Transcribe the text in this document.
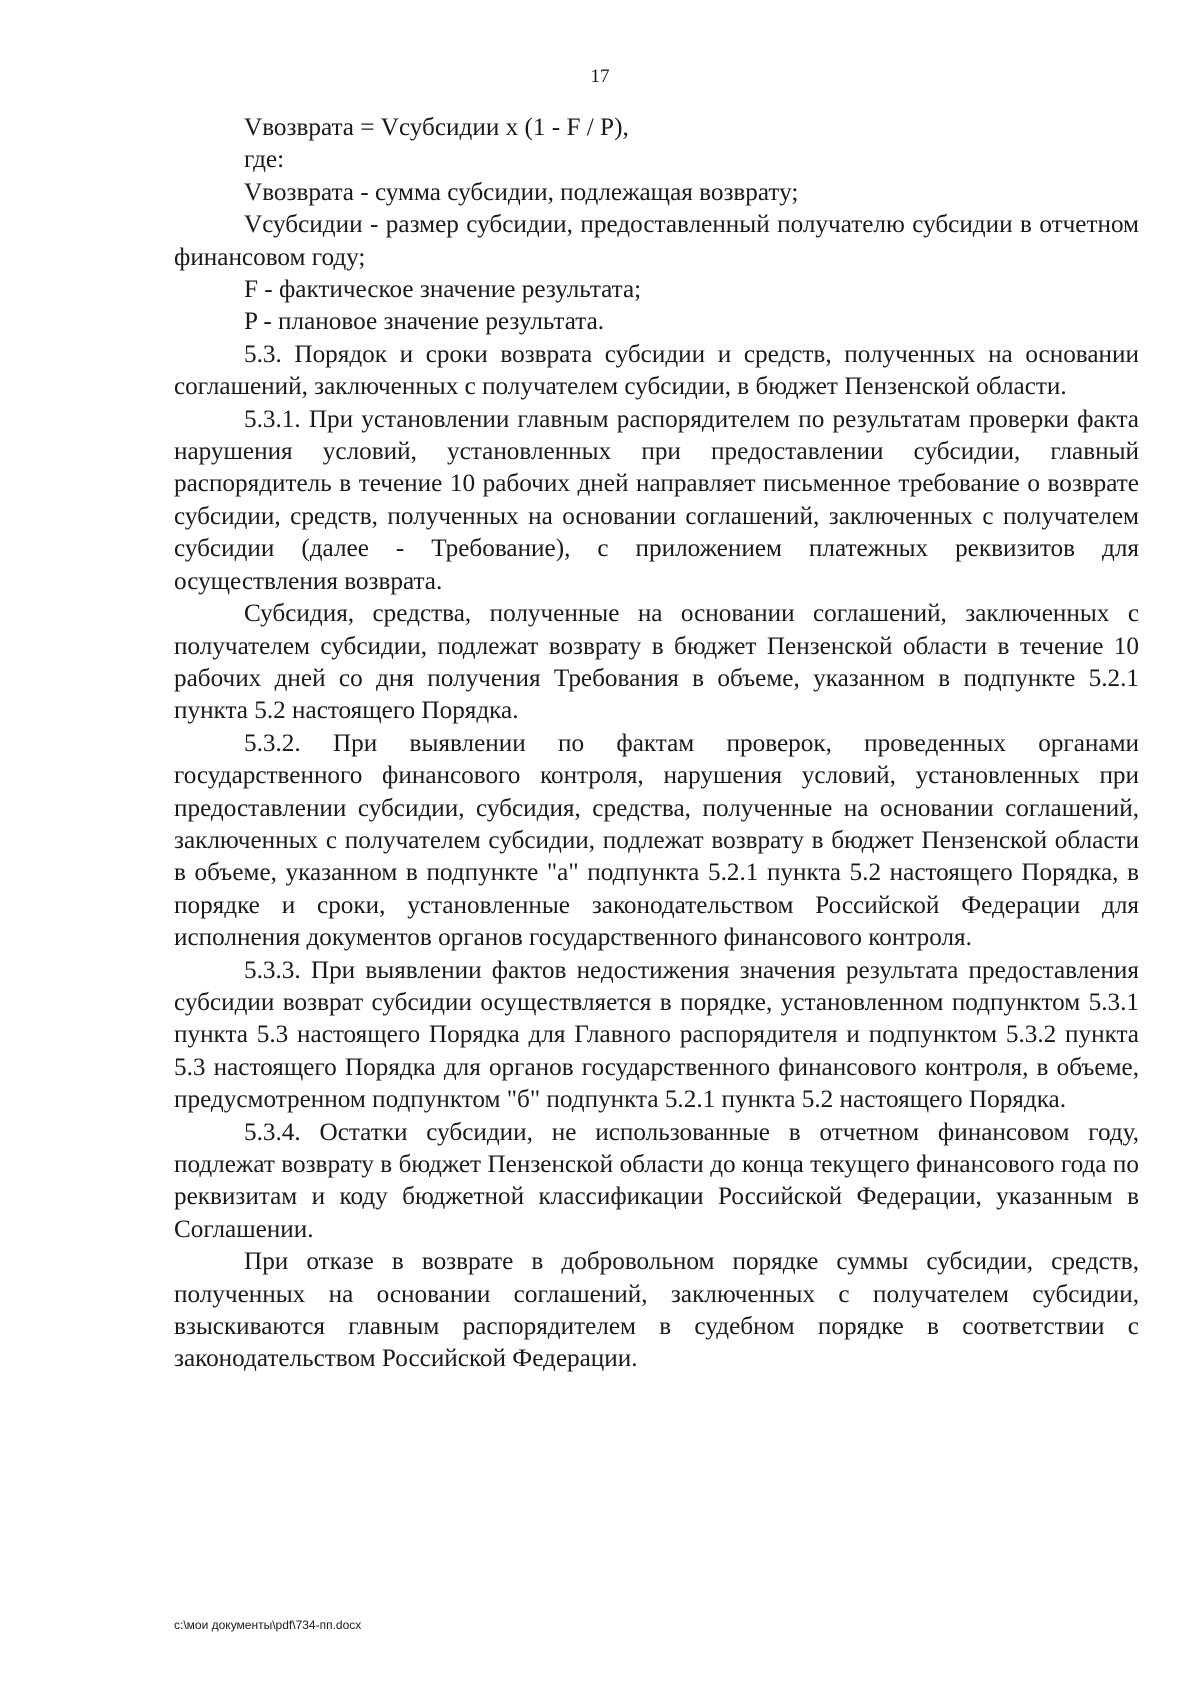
17

Vвозврата = Vсубсидии x (1 - F / P),

где:

Vвозврата - сумма субсидии, подлежащая возврату;

Vсубсидии - размер субсидии, предоставленный получателю субсидии в отчетном финансовом году;

F - фактическое значение результата;

P - плановое значение результата.

5.3. Порядок и сроки возврата субсидии и средств, полученных на основании соглашений, заключенных с получателем субсидии, в бюджет Пензенской области.

5.3.1. При установлении главным распорядителем по результатам проверки факта нарушения условий, установленных при предоставлении субсидии, главный распорядитель в течение 10 рабочих дней направляет письменное требование о возврате субсидии, средств, полученных на основании соглашений, заключенных с получателем субсидии (далее - Требование), с приложением платежных реквизитов для осуществления возврата.

Субсидия, средства, полученные на основании соглашений, заключенных с получателем субсидии, подлежат возврату в бюджет Пензенской области в течение 10 рабочих дней со дня получения Требования в объеме, указанном в подпункте 5.2.1 пункта 5.2 настоящего Порядка.

5.3.2. При выявлении по фактам проверок, проведенных органами государственного финансового контроля, нарушения условий, установленных при предоставлении субсидии, субсидия, средства, полученные на основании соглашений, заключенных с получателем субсидии, подлежат возврату в бюджет Пензенской области в объеме, указанном в подпункте "а" подпункта 5.2.1 пункта 5.2 настоящего Порядка, в порядке и сроки, установленные законодательством Российской Федерации для исполнения документов органов государственного финансового контроля.

5.3.3. При выявлении фактов недостижения значения результата предоставления субсидии возврат субсидии осуществляется в порядке, установленном подпунктом 5.3.1 пункта 5.3 настоящего Порядка для Главного распорядителя и подпунктом 5.3.2 пункта 5.3 настоящего Порядка для органов государственного финансового контроля, в объеме, предусмотренном подпунктом "б" подпункта 5.2.1 пункта 5.2 настоящего Порядка.

5.3.4. Остатки субсидии, не использованные в отчетном финансовом году, подлежат возврату в бюджет Пензенской области до конца текущего финансового года по реквизитам и коду бюджетной классификации Российской Федерации, указанным в Соглашении.

При отказе в возврате в добровольном порядке суммы субсидии, средств, полученных на основании соглашений, заключенных с получателем субсидии, взыскиваются главным распорядителем в судебном порядке в соответствии с законодательством Российской Федерации.

c:\мои документы\pdf\734-пп.docx
